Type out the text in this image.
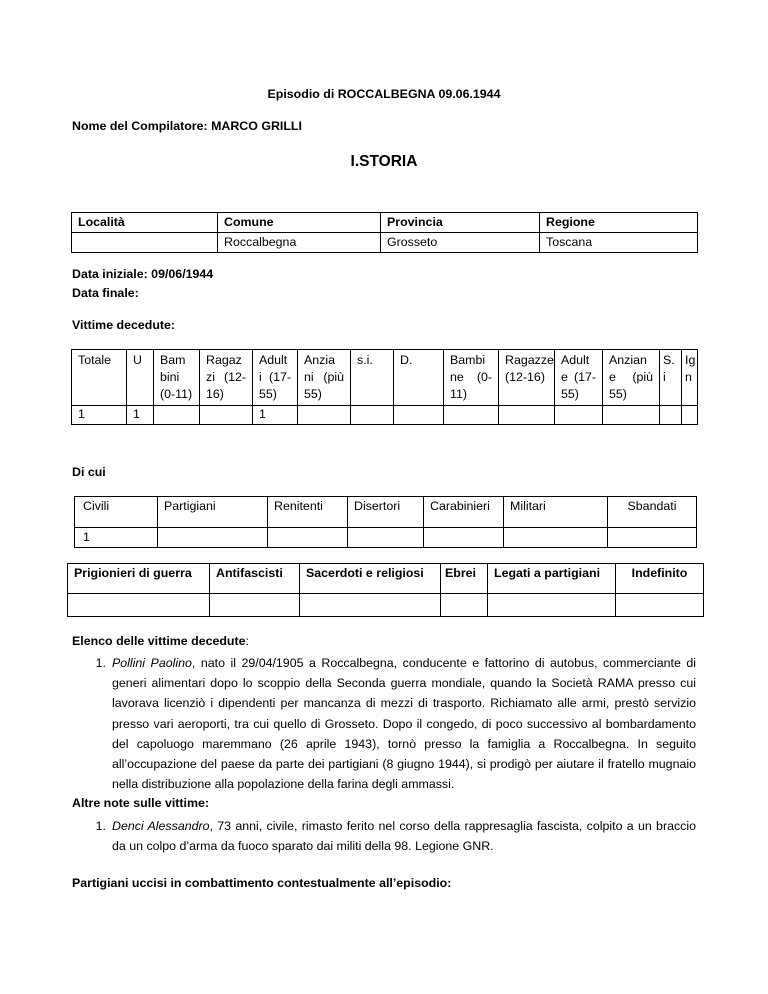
Episodio di ROCCALBEGNA 09.06.1944
Nome del Compilatore: MARCO GRILLI
I.STORIA
Località	Comune	Provincia	Regione
	Roccalbegna	Grosseto	Toscana
Data iniziale: 09/06/1944
Data finale:
Vittime decedute:
Totale	U	Bam bini (0-11)	Ragaz zi (12-16)	Adult i (17-55)	Anzia ni (più 55)	s.i.	D.	Bambi ne (0-11)	Ragazze (12-16)	Adult e (17-55)	Anzian e (più 55)	S. i	Ig n
1	1			1									
Di cui
Civili	Partigiani	Renitenti	Disertori	Carabinieri	Militari	Sbandati
1						
Prigionieri di guerra	Antifascisti	Sacerdoti e religiosi	Ebrei	Legati a partigiani	Indefinito

Elenco delle vittime decedute:
1. Pollini Paolino, nato il 29/04/1905 a Roccalbegna, conducente e fattorino di autobus, commerciante di generi alimentari dopo lo scoppio della Seconda guerra mondiale, quando la Società RAMA presso cui lavorava licenziò i dipendenti per mancanza di mezzi di trasporto. Richiamato alle armi, prestò servizio presso vari aeroporti, tra cui quello di Grosseto. Dopo il congedo, di poco successivo al bombardamento del capoluogo maremmano (26 aprile 1943), tornò presso la famiglia a Roccalbegna. In seguito all’occupazione del paese da parte dei partigiani (8 giugno 1944), si prodigò per aiutare il fratello mugnaio nella distribuzione alla popolazione della farina degli ammassi.
Altre note sulle vittime:
1. Denci Alessandro, 73 anni, civile, rimasto ferito nel corso della rappresaglia fascista, colpito a un braccio da un colpo d’arma da fuoco sparato dai militi della 98. Legione GNR.
Partigiani uccisi in combattimento contestualmente all’episodio:
